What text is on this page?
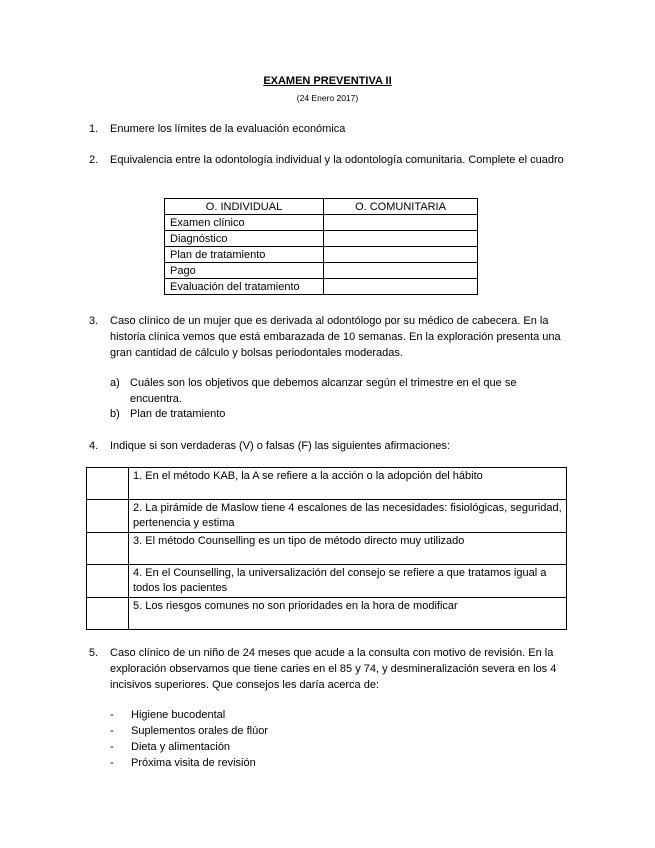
EXAMEN PREVENTIVA II
(24 Enero 2017)
1. Enumere los límites de la evaluación económica
2. Equivalencia entre la odontología individual y la odontología comunitaria. Complete el cuadro
O. INDIVIDUAL	O. COMUNITARIA
Examen clínico	
Diagnóstico	
Plan de tratamiento	
Pago	
Evaluación del tratamiento	
3. Caso clínico de un mujer que es derivada al odontólogo por su médico de cabecera. En la historia clínica vemos que está embarazada de 10 semanas. En la exploración presenta una gran cantidad de cálculo y bolsas periodontales moderadas.
a) Cuáles son los objetivos que debemos alcanzar según el trimestre en el que se encuentra.
b) Plan de tratamiento
4. Indique si son verdaderas (V) o falsas (F) las siguientes afirmaciones:
	1. En el método KAB, la A se refiere a la acción o la adopción del hábito
	2. La pirámide de Maslow tiene 4 escalones de las necesidades: fisiológicas, seguridad, pertenencia y estima
	3. El método Counselling es un tipo de método directo muy utilizado
	4. En el Counselling, la universalización del consejo se refiere a que tratamos igual a todos los pacientes
	5. Los riesgos comunes no son prioridades en la hora de modificar
5. Caso clínico de un niño de 24 meses que acude a la consulta con motivo de revisión. En la exploración observamos que tiene caries en el 85 y 74, y desmineralización severa en los 4 incisivos superiores. Que consejos les daría acerca de:
- Higiene bucodental
- Suplementos orales de flúor
- Dieta y alimentación
- Próxima visita de revisión
